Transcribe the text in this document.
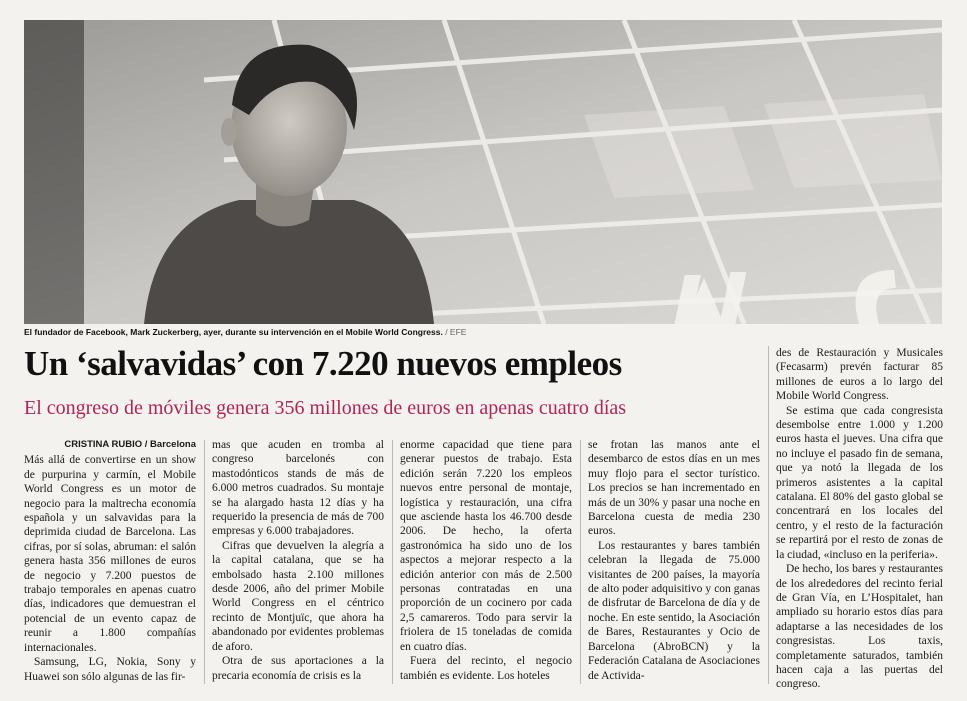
El fundador de Facebook, Mark Zuckerberg, ayer, durante su intervención en el Mobile World Congress. / EFE
Un ‘salvavidas’ con 7.220 nuevos empleos
El congreso de móviles genera 356 millones de euros en apenas cuatro días
CRISTINA RUBIO / Barcelona

Más allá de convertirse en un show de purpurina y carmín, el Mobile World Congress es un motor de negocio para la maltrecha economía española y un salvavidas para la deprimida ciudad de Barcelona. Las cifras, por sí solas, abruman: el salón genera hasta 356 millones de euros de negocio y 7.200 puestos de trabajo temporales en apenas cuatro días, indicadores que demuestran el potencial de un evento capaz de reunir a 1.800 compañías internacionales.

Samsung, LG, Nokia, Sony y Huawei son sólo algunas de las fir-

mas que acuden en tromba al congreso barcelonés con mastodónticos stands de más de 6.000 metros cuadrados. Su montaje se ha alargado hasta 12 días y ha requerido la presencia de más de 700 empresas y 6.000 trabajadores.

Cifras que devuelven la alegría a la capital catalana, que se ha embolsado hasta 2.100 millones desde 2006, año del primer Mobile World Congress en el céntrico recinto de Montjuïc, que ahora ha abandonado por evidentes problemas de aforo.

Otra de sus aportaciones a la precaria economía de crisis es la

enorme capacidad que tiene para generar puestos de trabajo. Esta edición serán 7.220 los empleos nuevos entre personal de montaje, logística y restauración, una cifra que asciende hasta los 46.700 desde 2006. De hecho, la oferta gastronómica ha sido uno de los aspectos a mejorar respecto a la edición anterior con más de 2.500 personas contratadas en una proporción de un cocinero por cada 2,5 camareros. Todo para servir la friolera de 15 toneladas de comida en cuatro días.

Fuera del recinto, el negocio también es evidente. Los hoteles

se frotan las manos ante el desembarco de estos días en un mes muy flojo para el sector turístico. Los precios se han incrementado en más de un 30% y pasar una noche en Barcelona cuesta de media 230 euros.

Los restaurantes y bares también celebran la llegada de 75.000 visitantes de 200 países, la mayoría de alto poder adquisitivo y con ganas de disfrutar de Barcelona de día y de noche. En este sentido, la Asociación de Bares, Restaurantes y Ocio de Barcelona (AbroBCN) y la Federación Catalana de Asociaciones de Activida-

des de Restauración y Musicales (Fecasarm) prevén facturar 85 millones de euros a lo largo del Mobile World Congress.

Se estima que cada congresista desembolse entre 1.000 y 1.200 euros hasta el jueves. Una cifra que no incluye el pasado fin de semana, que ya notó la llegada de los primeros asistentes a la capital catalana. El 80% del gasto global se concentrará en los locales del centro, y el resto de la facturación se repartirá por el resto de zonas de la ciudad, «incluso en la periferia».

De hecho, los bares y restaurantes de los alrededores del recinto ferial de Gran Vía, en L’Hospitalet, han ampliado su horario estos días para adaptarse a las necesidades de los congresistas. Los taxis, completamente saturados, también hacen caja a las puertas del congreso.
